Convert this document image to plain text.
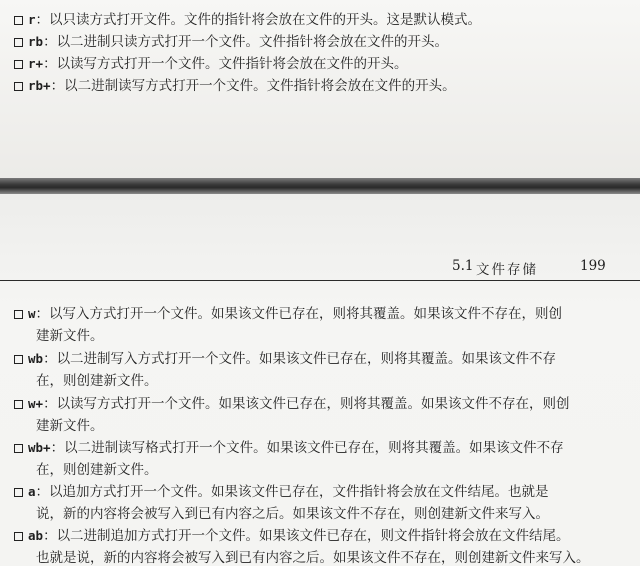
r：以只读方式打开文件。文件的指针将会放在文件的开头。这是默认模式。
rb：以二进制只读方式打开一个文件。文件指针将会放在文件的开头。
r+：以读写方式打开一个文件。文件指针将会放在文件的开头。
rb+：以二进制读写方式打开一个文件。文件指针将会放在文件的开头。
5.1 文件存储	199
w：以写入方式打开一个文件。如果该文件已存在，则将其覆盖。如果该文件不存在，则创
建新文件。
wb：以二进制写入方式打开一个文件。如果该文件已存在，则将其覆盖。如果该文件不存
在，则创建新文件。
w+：以读写方式打开一个文件。如果该文件已存在，则将其覆盖。如果该文件不存在，则创
建新文件。
wb+：以二进制读写格式打开一个文件。如果该文件已存在，则将其覆盖。如果该文件不存
在，则创建新文件。
a：以追加方式打开一个文件。如果该文件已存在，文件指针将会放在文件结尾。也就是
说，新的内容将会被写入到已有内容之后。如果该文件不存在，则创建新文件来写入。
ab：以二进制追加方式打开一个文件。如果该文件已存在，则文件指针将会放在文件结尾。
也就是说，新的内容将会被写入到已有内容之后。如果该文件不存在，则创建新文件来写入。
